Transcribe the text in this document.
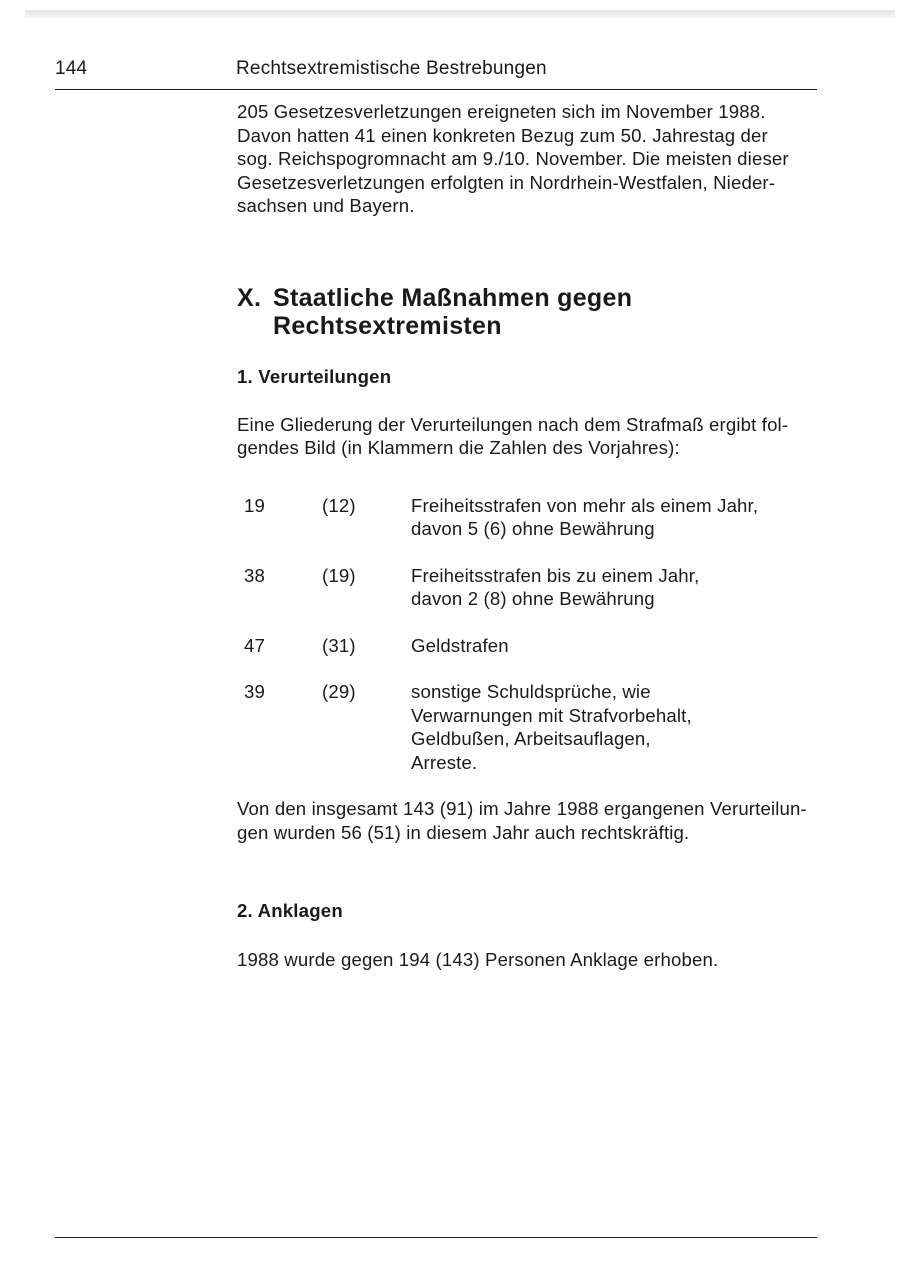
144	Rechtsextremistische Bestrebungen
205 Gesetzesverletzungen ereigneten sich im November 1988.
Davon hatten 41 einen konkreten Bezug zum 50. Jahrestag der
sog. Reichspogromnacht am 9./10. November. Die meisten dieser
Gesetzesverletzungen erfolgten in Nordrhein-Westfalen, Nieder-
sachsen und Bayern.
X. Staatliche Maßnahmen gegen
Rechtsextremisten
1. Verurteilungen
Eine Gliederung der Verurteilungen nach dem Strafmaß ergibt fol-
gendes Bild (in Klammern die Zahlen des Vorjahres):
19	(12)	Freiheitsstrafen von mehr als einem Jahr,
davon 5 (6) ohne Bewährung
38	(19)	Freiheitsstrafen bis zu einem Jahr,
davon 2 (8) ohne Bewährung
47	(31)	Geldstrafen
39	(29)	sonstige Schuldsprüche, wie
Verwarnungen mit Strafvorbehalt,
Geldbußen, Arbeitsauflagen,
Arreste.
Von den insgesamt 143 (91) im Jahre 1988 ergangenen Verurteilun-
gen wurden 56 (51) in diesem Jahr auch rechtskräftig.
2. Anklagen

1988 wurde gegen 194 (143) Personen Anklage erhoben.
